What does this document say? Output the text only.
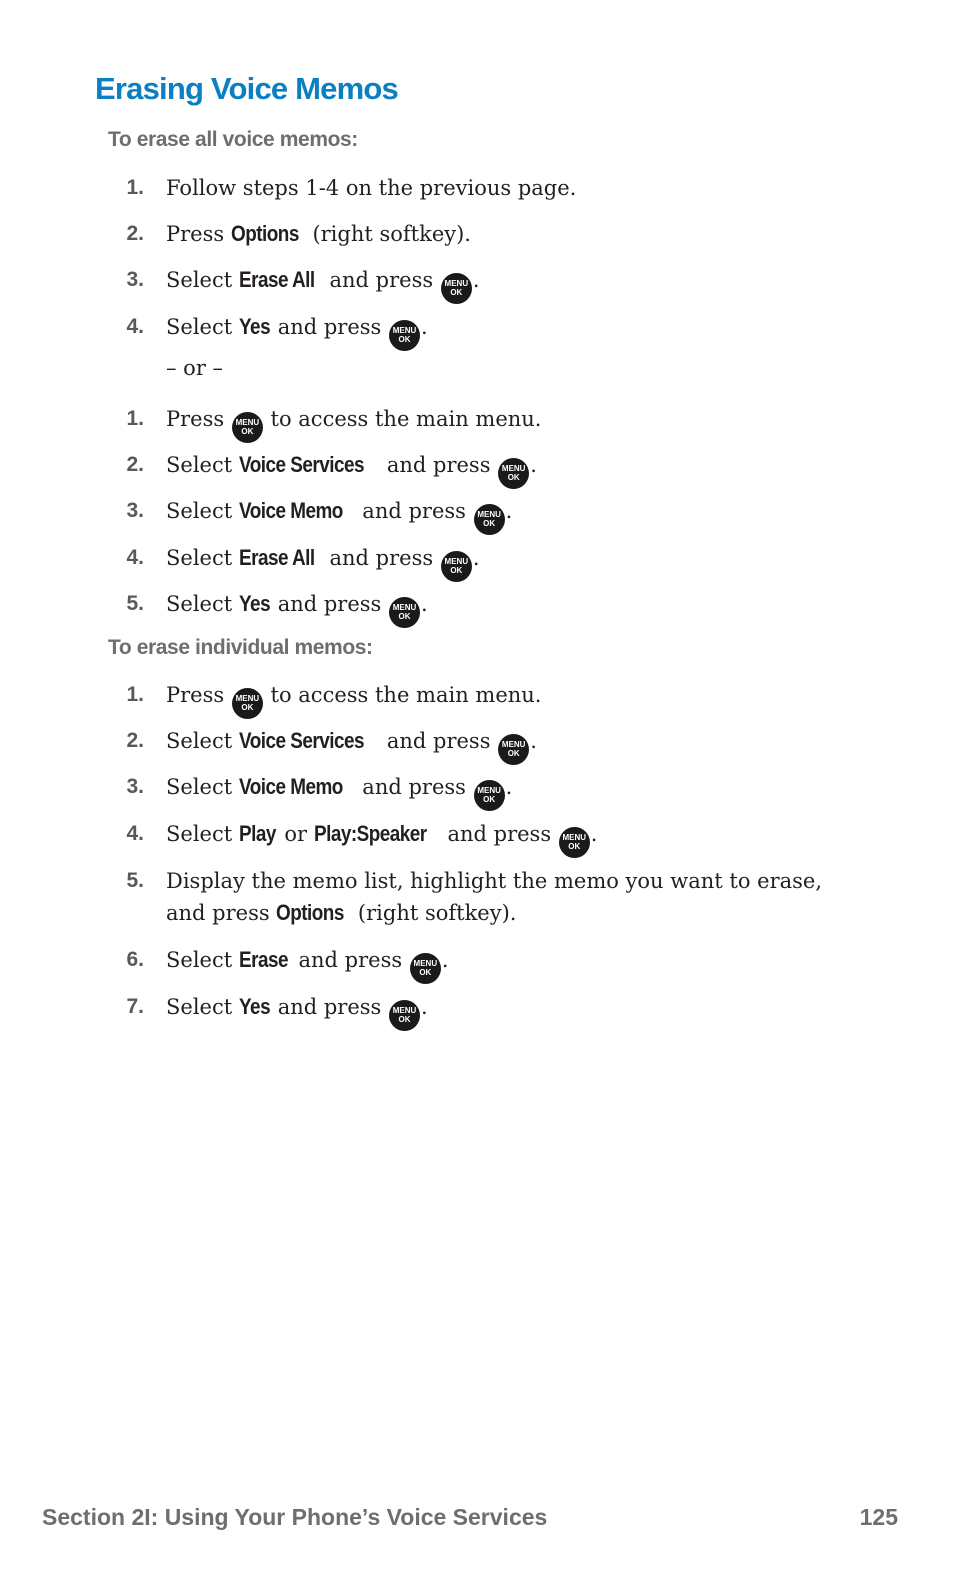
Erasing Voice Memos
To erase all voice memos:
1. Follow steps 1-4 on the previous page.
2. Press Options (right softkey).
3. Select Erase All and press	MENU
OK
.
4. Select Yes and press	MENU
OK
.
– or –
1. Press	MENU
OK
to access the main menu.
2. Select Voice Services and press	MENU
OK
.
3. Select Voice Memo and press	MENU
OK
.
4. Select Erase All and press	MENU
OK
.
5. Select Yes and press	MENU
OK
.
To erase individual memos:
1. Press	MENU
OK
to access the main menu.
2. Select Voice Services and press	MENU
OK
.
3. Select Voice Memo and press	MENU
OK
.
4. Select Play or Play:Speaker and press	MENU
OK
.
5. Display the memo list, highlight the memo you want to erase, and press Options (right softkey).
6. Select Erase and press	MENU
OK
.
7. Select Yes and press	MENU
OK
.
Section 2I: Using Your Phone’s Voice Services	125
